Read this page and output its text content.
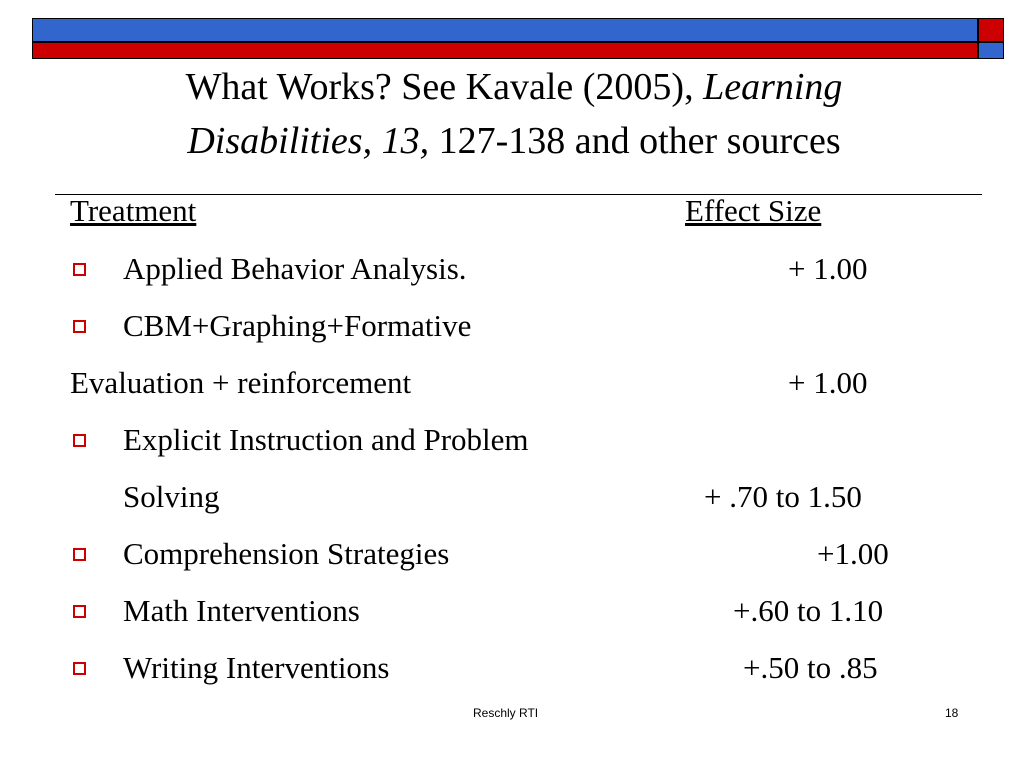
What Works? See Kavale (2005), Learning
Disabilities, 13, 127-138 and other sources
Treatment	Effect Size
Applied Behavior Analysis.	+ 1.00
CBM+Graphing+Formative
Evaluation + reinforcement	+ 1.00
Explicit Instruction and Problem
Solving	+ .70 to 1.50
Comprehension Strategies	+1.00
Math Interventions	+.60 to 1.10
Writing Interventions	+.50 to .85
Reschly RTI	18
